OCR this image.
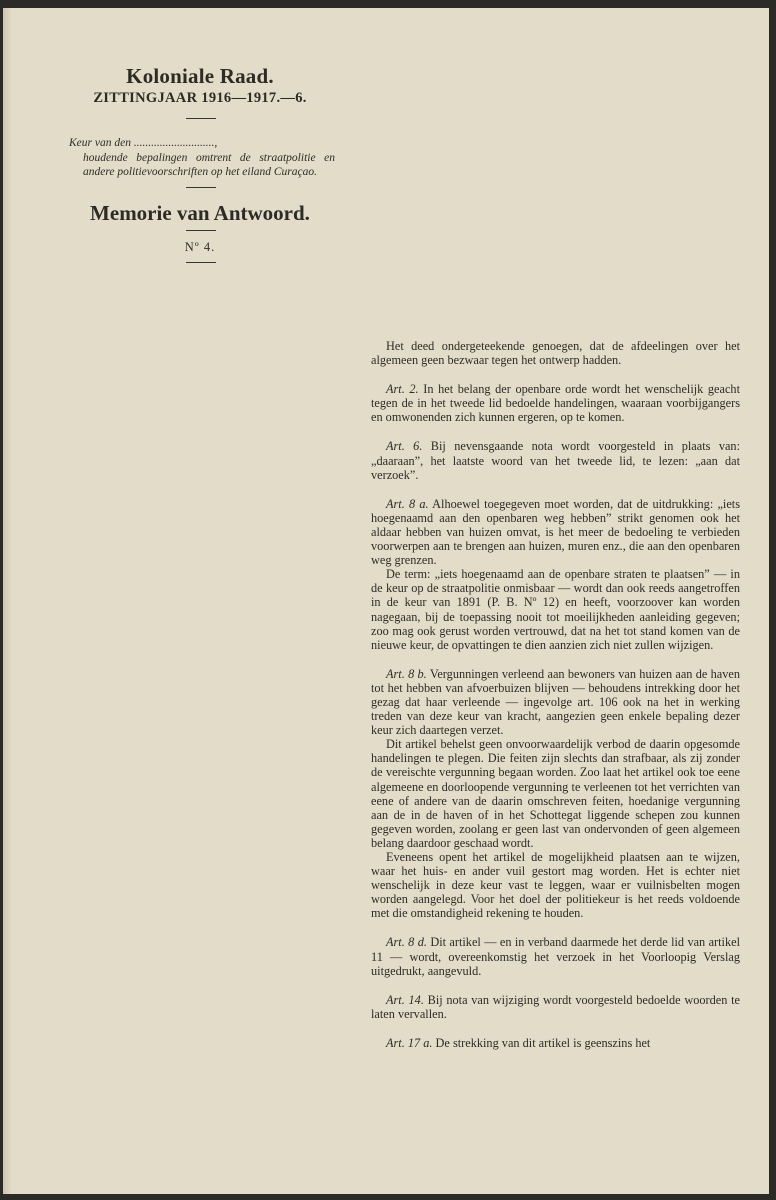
Koloniale Raad.
ZITTINGJAAR 1916—1917.—6.
Keur van den ............................,
houdende bepalingen omtrent de straatpolitie en andere politievoorschriften op het eiland Curaçao.
Memorie van Antwoord.
Nº 4.

Het deed ondergeteekende genoegen, dat de afdeelingen over het algemeen geen bezwaar tegen het ontwerp hadden.

Art. 2. In het belang der openbare orde wordt het wenschelijk geacht tegen de in het tweede lid bedoelde handelingen, waaraan voorbijgangers en omwonenden zich kunnen ergeren, op te komen.

Art. 6. Bij nevensgaande nota wordt voorgesteld in plaats van: „daaraan”, het laatste woord van het tweede lid, te lezen: „aan dat verzoek”.

Art. 8 a. Alhoewel toegegeven moet worden, dat de uitdrukking: „iets hoegenaamd aan den openbaren weg hebben” strikt genomen ook het aldaar hebben van huizen omvat, is het meer de bedoeling te verbieden voorwerpen aan te brengen aan huizen, muren enz., die aan den openbaren weg grenzen.

De term: „iets hoegenaamd aan de openbare straten te plaatsen” — in de keur op de straatpolitie onmisbaar — wordt dan ook reeds aangetroffen in de keur van 1891 (P. B. Nº 12) en heeft, voorzoover kan worden nagegaan, bij de toepassing nooit tot moeilijkheden aanleiding gegeven; zoo mag ook gerust worden vertrouwd, dat na het tot stand komen van de nieuwe keur, de opvattingen te dien aanzien zich niet zullen wijzigen.

Art. 8 b. Vergunningen verleend aan bewoners van huizen aan de haven tot het hebben van afvoerbuizen blijven — behoudens intrekking door het gezag dat haar verleende — ingevolge art. 106 ook na het in werking treden van deze keur van kracht, aangezien geen enkele bepaling dezer keur zich daartegen verzet.

Dit artikel behelst geen onvoorwaardelijk verbod de daarin opgesomde handelingen te plegen. Die feiten zijn slechts dan strafbaar, als zij zonder de vereischte vergunning begaan worden. Zoo laat het artikel ook toe eene algemeene en doorloopende vergunning te verleenen tot het verrichten van eene of andere van de daarin omschreven feiten, hoedanige vergunning aan de in de haven of in het Schottegat liggende schepen zou kunnen gegeven worden, zoolang er geen last van ondervonden of geen algemeen belang daardoor geschaad wordt.

Eveneens opent het artikel de mogelijkheid plaatsen aan te wijzen, waar het huis- en ander vuil gestort mag worden. Het is echter niet wenschelijk in deze keur vast te leggen, waar er vuilnisbelten mogen worden aangelegd. Voor het doel der politiekeur is het reeds voldoende met die omstandigheid rekening te houden.

Art. 8 d. Dit artikel — en in verband daarmede het derde lid van artikel 11 — wordt, overeenkomstig het verzoek in het Voorloopig Verslag uitgedrukt, aangevuld.

Art. 14. Bij nota van wijziging wordt voorgesteld bedoelde woorden te laten vervallen.

Art. 17 a. De strekking van dit artikel is geenszins het
